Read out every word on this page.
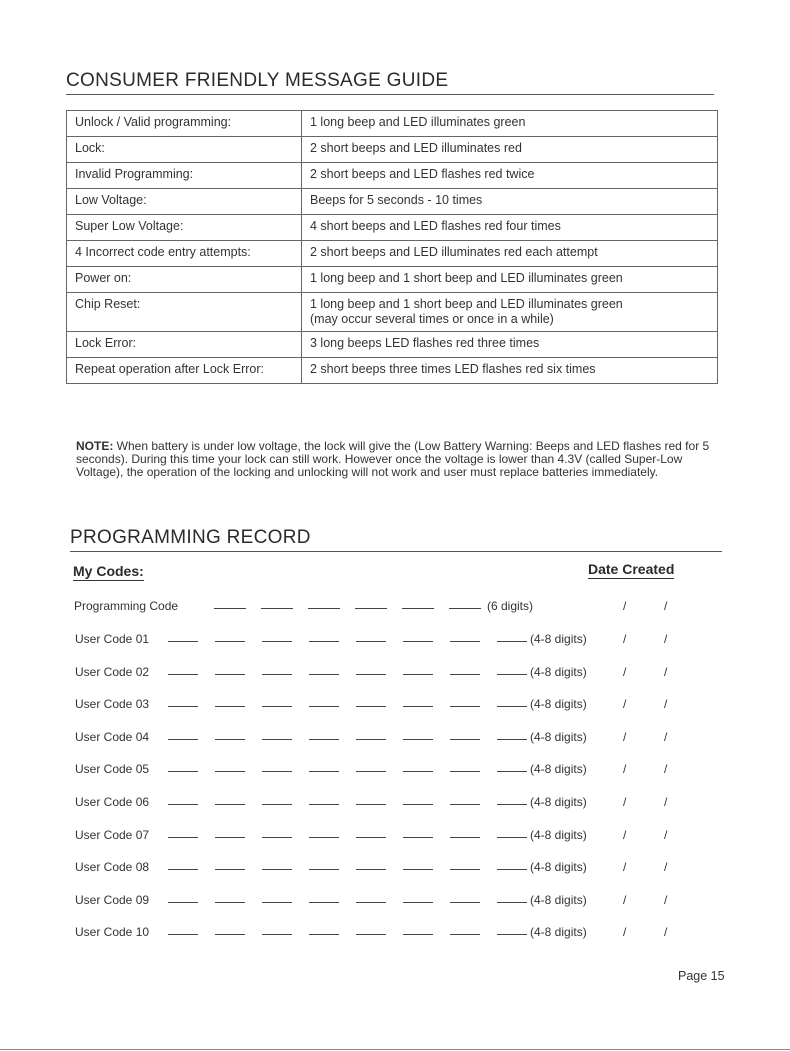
CONSUMER FRIENDLY MESSAGE GUIDE
Unlock / Valid programming:	1 long beep and LED illuminates green
Lock:	2 short beeps and LED illuminates red
Invalid Programming:	2 short beeps and LED flashes red twice
Low Voltage:	Beeps for 5 seconds - 10 times
Super Low Voltage:	4 short beeps and LED flashes red four times
4 Incorrect code entry attempts:	2 short beeps and LED illuminates red each attempt
Power on:	1 long beep and 1 short beep and LED illuminates green
Chip Reset:	1 long beep and 1 short beep and LED illuminates green
(may occur several times or once in a while)
Lock Error:	3 long beeps LED flashes red three times
Repeat operation after Lock Error:	2 short beeps three times LED flashes red six times
NOTE: When battery is under low voltage, the lock will give the (Low Battery Warning: Beeps and LED flashes red for 5 seconds). During this time your lock can still work. However once the voltage is lower than 4.3V (called Super-Low Voltage), the operation of the locking and unlocking will not work and user must replace batteries immediately.
PROGRAMMING RECORD
My Codes:	Date Created
Programming Code	(6 digits)	/	/
User Code 01	(4-8 digits)	/	/
User Code 02	(4-8 digits)	/	/
User Code 03	(4-8 digits)	/	/
User Code 04	(4-8 digits)	/	/
User Code 05	(4-8 digits)	/	/
User Code 06	(4-8 digits)	/	/
User Code 07	(4-8 digits)	/	/
User Code 08	(4-8 digits)	/	/
User Code 09	(4-8 digits)	/	/
User Code 10	(4-8 digits)	/	/
Page 15
